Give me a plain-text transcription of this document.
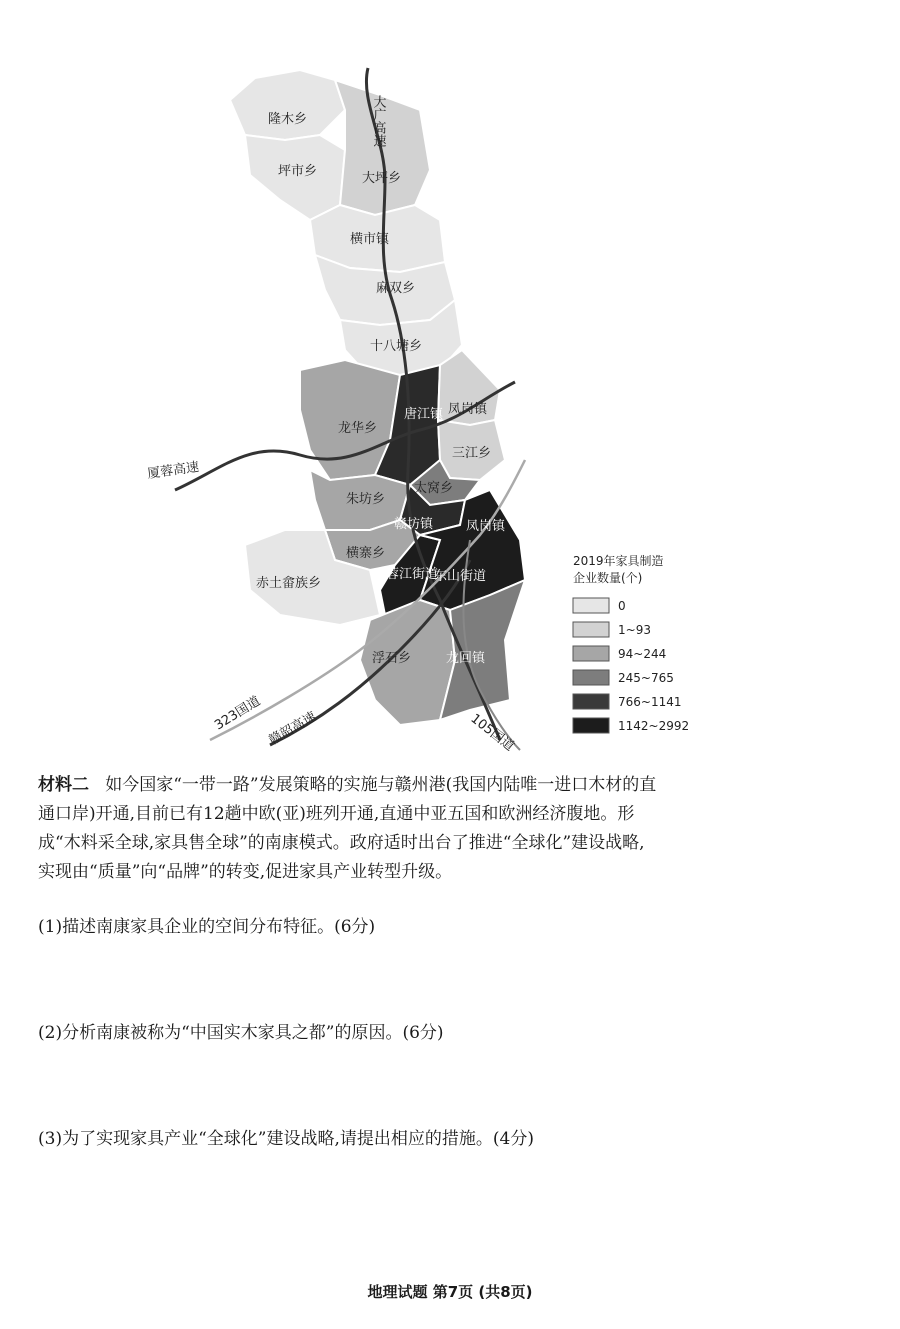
隆木乡
坪市乡	大坪乡
横市镇
麻双乡
十八塘乡
龙华乡
唐江镇 凤岗镇
三江乡
太窝乡
朱坊乡
赣坊镇
横寨乡
赤土畲族乡
蓉江街道
东山街道
凤岗镇
浮石乡	龙回镇
大广高速
厦蓉高速
323国道 赣韶高速	105国道
2019年家具制造
企业数量(个)
0
1~93
94~244
245~765
766~1141
1142~2992
材料二 如今国家“一带一路”发展策略的实施与赣州港(我国内陆唯一进口木材的直
通口岸)开通,目前已有12趟中欧(亚)班列开通,直通中亚五国和欧洲经济腹地。形
成“木料采全球,家具售全球”的南康模式。政府适时出台了推进“全球化”建设战略,
实现由“质量”向“品牌”的转变,促进家具产业转型升级。
(1)描述南康家具企业的空间分布特征。(6分)
(2)分析南康被称为“中国实木家具之都”的原因。(6分)
(3)为了实现家具产业“全球化”建设战略,请提出相应的措施。(4分)
地理试题 第7页 (共8页)
